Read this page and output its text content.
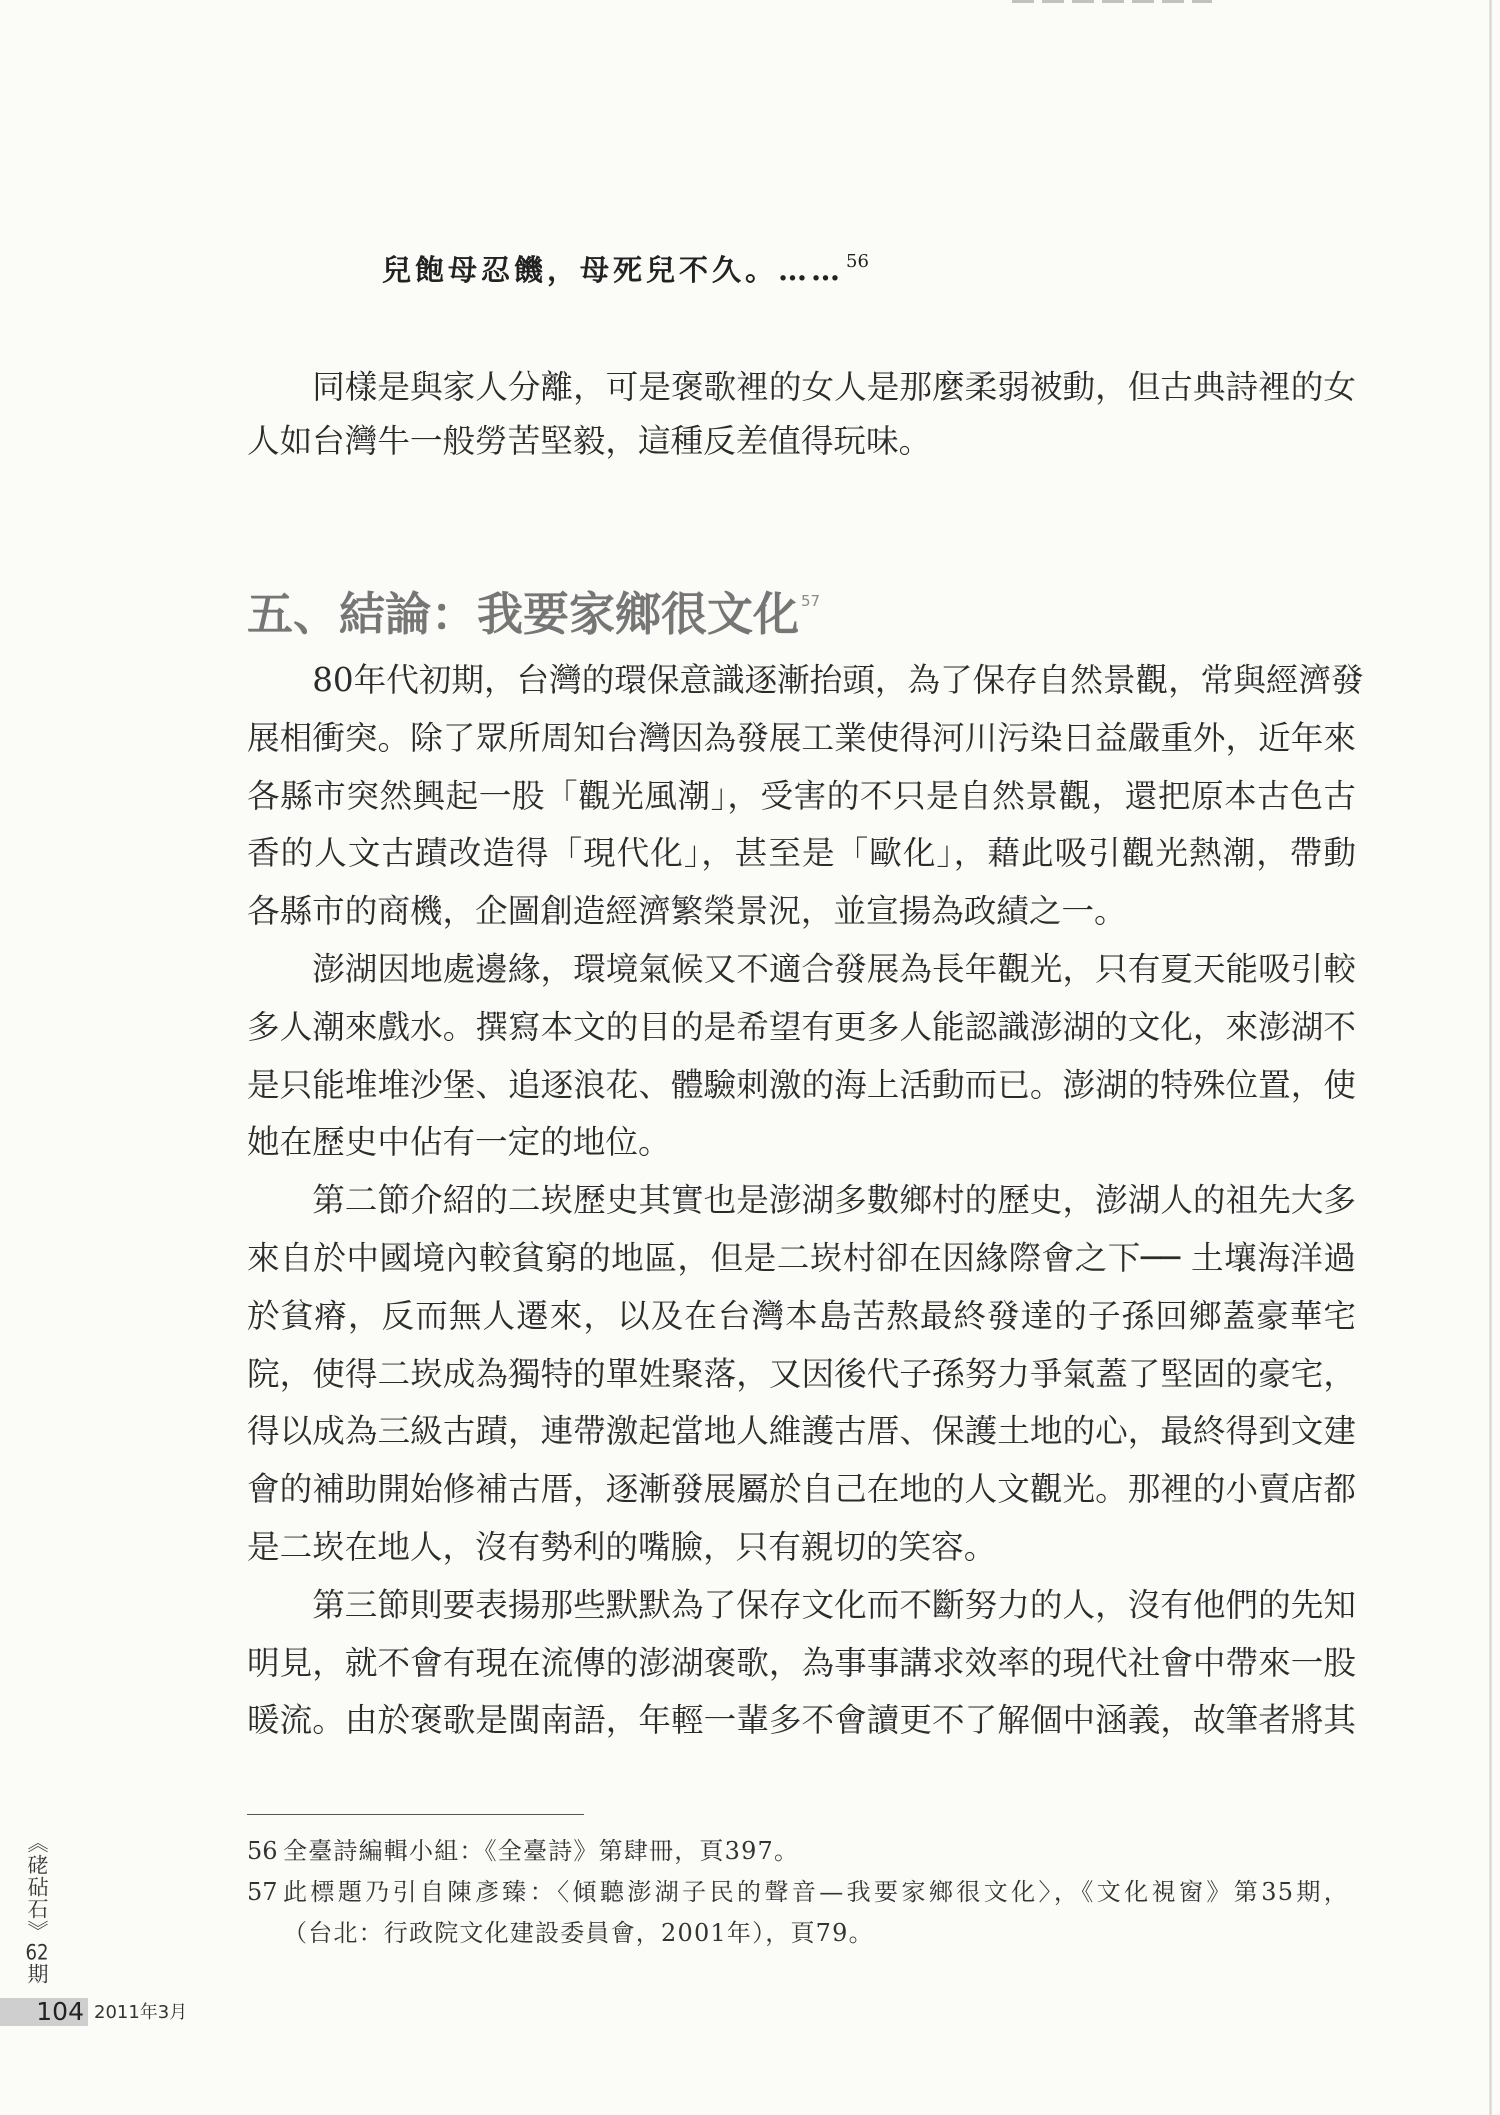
兒飽母忍饑，母死兒不久。…… $^{56}$
同樣是與家人分離，可是褒歌裡的女人是那麼柔弱被動，但古典詩裡的女
人如台灣牛一般勞苦堅毅，這種反差值得玩味。
五、結論：我要家鄉很文化 $^{57}$
80年代初期，台灣的環保意識逐漸抬頭，為了保存自然景觀，常與經濟發
展相衝突。除了眾所周知台灣因為發展工業使得河川污染日益嚴重外，近年來
各縣市突然興起一股「觀光風潮」，受害的不只是自然景觀，還把原本古色古
香的人文古蹟改造得「現代化」，甚至是「歐化」，藉此吸引觀光熱潮，帶動
各縣市的商機，企圖創造經濟繁榮景況，並宣揚為政績之一。
澎湖因地處邊緣，環境氣候又不適合發展為長年觀光，只有夏天能吸引較
多人潮來戲水。撰寫本文的目的是希望有更多人能認識澎湖的文化，來澎湖不
是只能堆堆沙堡、追逐浪花、體驗刺激的海上活動而已。澎湖的特殊位置，使
她在歷史中佔有一定的地位。
第二節介紹的二崁歷史其實也是澎湖多數鄉村的歷史，澎湖人的祖先大多
來自於中國境內較貧窮的地區，但是二崁村卻在因緣際會之下── 土壤海洋過
於貧瘠，反而無人遷來，以及在台灣本島苦熬最終發達的子孫回鄉蓋豪華宅
院，使得二崁成為獨特的單姓聚落，又因後代子孫努力爭氣蓋了堅固的豪宅，
得以成為三級古蹟，連帶激起當地人維護古厝、保護土地的心，最終得到文建
會的補助開始修補古厝，逐漸發展屬於自己在地的人文觀光。那裡的小賣店都
是二崁在地人，沒有勢利的嘴臉，只有親切的笑容。
第三節則要表揚那些默默為了保存文化而不斷努力的人，沒有他們的先知
明見，就不會有現在流傳的澎湖褒歌，為事事講求效率的現代社會中帶來一股
暖流。由於褒歌是閩南語，年輕一輩多不會讀更不了解個中涵義，故筆者將其
56 全臺詩編輯小組：《全臺詩》第肆冊，頁397。
57 此標題乃引自陳彥臻：〈傾聽澎湖子民的聲音—我要家鄉很文化〉，《文化視窗》第35期，
（台北：行政院文化建設委員會，2001年），頁79。
《硓砧石》62期
104 2011年3月
